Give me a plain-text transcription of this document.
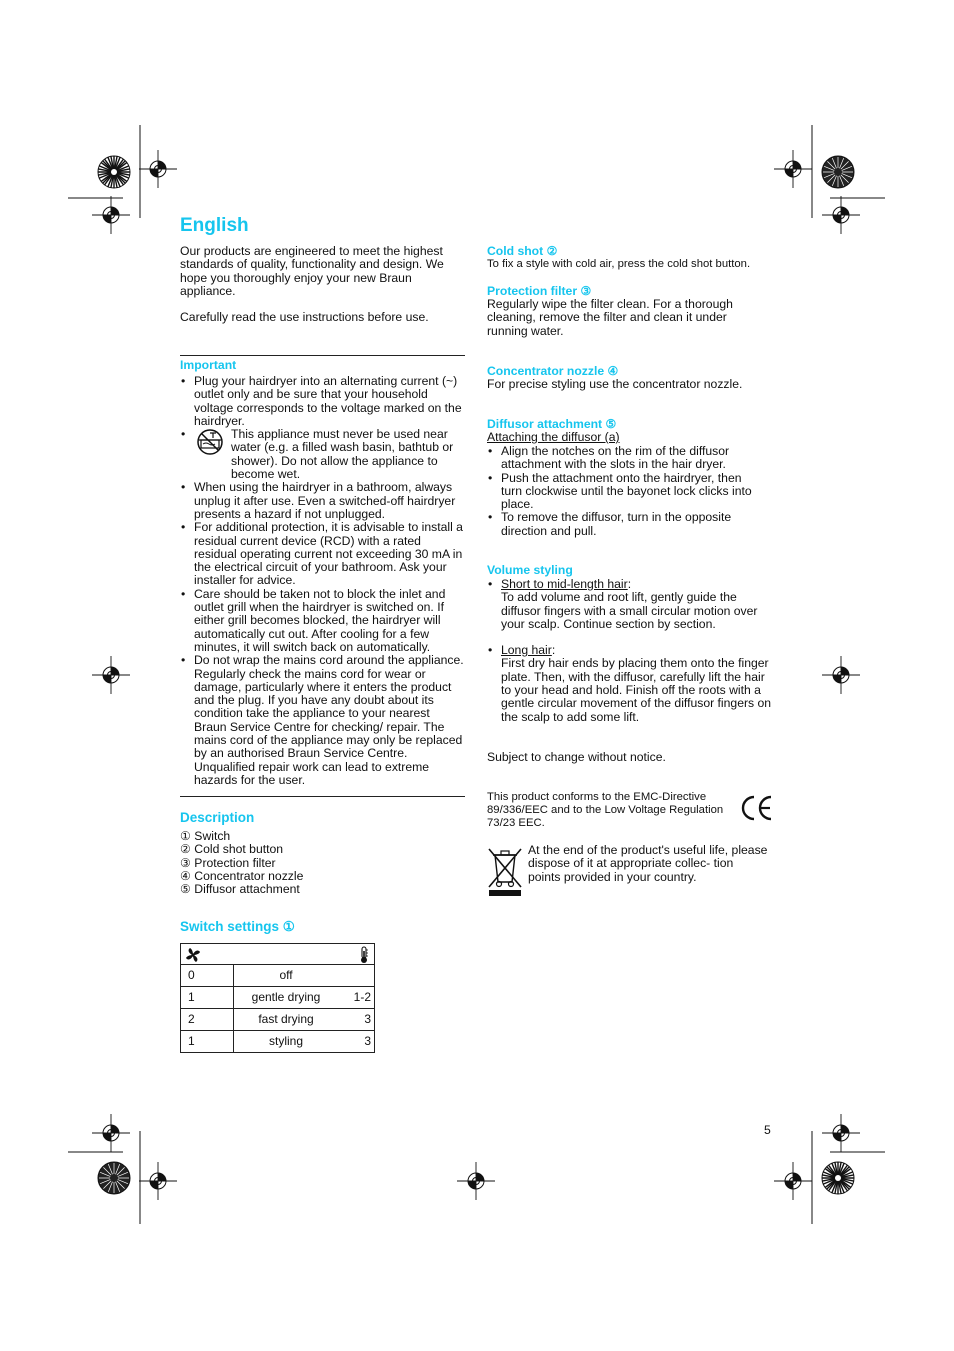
English

Our products are engineered to meet the highest standards of quality, functionality and design. We hope you thoroughly enjoy your new Braun appliance.

Carefully read the use instructions before use.

Important
• Plug your hairdryer into an alternating current (~) outlet only and be sure that your household voltage corresponds to the voltage marked on the hairdryer.
• This appliance must never be used near water (e.g. a filled wash basin, bathtub or shower). Do not allow the appliance to become wet.
• When using the hairdryer in a bathroom, always unplug it after use. Even a switched-off hairdryer presents a hazard if not unplugged.
• For additional protection, it is advisable to install a residual current device (RCD) with a rated residual operating current not exceeding 30 mA in the electrical circuit of your bathroom. Ask your installer for advice.
• Care should be taken not to block the inlet and outlet grill when the hairdryer is switched on. If either grill becomes blocked, the hairdryer will automatically cut out. After cooling for a few minutes, it will switch back on automatically.
• Do not wrap the mains cord around the appliance. Regularly check the mains cord for wear or damage, particularly where it enters the product and the plug. If you have any doubt about its condition take the appliance to your nearest Braun Service Centre for checking/ repair. The mains cord of the appliance may only be replaced by an authorised Braun Service Centre. Unqualified repair work can lead to extreme hazards for the user.
Description
① Switch
② Cold shot button
③ Protection filter
④ Concentrator nozzle
⑤ Diffusor attachment
Switch settings ①

0	off	
1	gentle drying	1-2
2	fast drying	3
1	styling	3
Cold shot ②

To fix a style with cold air, press the cold shot button.

Protection filter ③

Regularly wipe the filter clean. For a thorough cleaning, remove the filter and clean it under running water.

Concentrator nozzle ④

For precise styling use the concentrator nozzle.

Diffusor attachment ⑤
Attaching the diffusor (a)
• Align the notches on the rim of the diffusor attachment with the slots in the hair dryer.
• Push the attachment onto the hairdryer, then turn clockwise until the bayonet lock clicks into place.
• To remove the diffusor, turn in the opposite direction and pull.
Volume styling
• Short to mid-length hair:
To add volume and root lift, gently guide the diffusor fingers with a small circular motion over your scalp. Continue section by section.
• Long hair:
First dry hair ends by placing them onto the finger plate. Then, with the diffusor, carefully lift the hair to your head and hold. Finish off the roots with a gentle circular movement of the diffusor fingers on the scalp to add some lift.

Subject to change without notice.

This product conforms to the EMC-Directive 89/336/EEC and to the Low Voltage Regulation 73/23 EEC.

At the end of the product's useful life, please dispose of it at appropriate collec- tion points provided in your country.

5
